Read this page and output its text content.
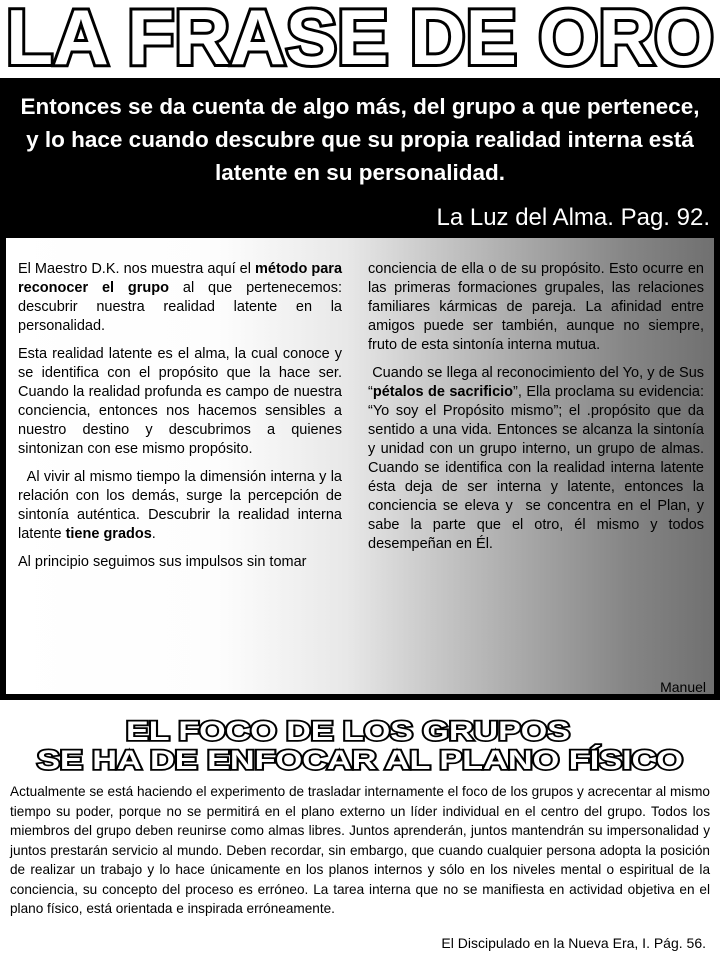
LA FRASE DE ORO
Entonces se da cuenta de algo más, del grupo a que pertenece, y lo hace cuando descubre que su propia realidad interna está latente en su personalidad.
La Luz del Alma. Pag. 92.

El Maestro D.K. nos muestra aquí el método para reconocer el grupo al que pertenecemos: descubrir nuestra realidad latente en la personalidad.

Esta realidad latente es el alma, la cual conoce y se identifica con el propósito que la hace ser. Cuando la realidad profunda es campo de nuestra conciencia, entonces nos hacemos sensibles a nuestro destino y descubrimos a quienes sintonizan con ese mismo propósito.

Al vivir al mismo tiempo la dimensión interna y la relación con los demás, surge la percepción de sintonía auténtica. Descubrir la realidad interna latente tiene grados.

Al principio seguimos sus impulsos sin tomar

conciencia de ella o de su propósito. Esto ocurre en las primeras formaciones grupales, las relaciones familiares kármicas de pareja. La afinidad entre amigos puede ser también, aunque no siempre, fruto de esta sintonía interna mutua.

Cuando se llega al reconocimiento del Yo, y de Sus “pétalos de sacrificio”, Ella proclama su evidencia: “Yo soy el Propósito mismo”; el .propósito que da sentido a una vida. Entonces se alcanza la sintonía y unidad con un grupo interno, un grupo de almas. Cuando se identifica con la realidad interna latente ésta deja de ser interna y latente, entonces la conciencia se eleva y  se concentra en el Plan, y sabe la parte que el otro, él mismo y todos desempeñan en Él.

Manuel
EL FOCO DE LOS GRUPOS
SE HA DE ENFOCAR AL PLANO FÍSICO
Actualmente se está haciendo el experimento de trasladar internamente el foco de los grupos y acrecentar al mismo tiempo su poder, porque no se permitirá en el plano externo un líder individual en el centro del grupo. Todos los miembros del grupo deben reunirse como almas libres. Juntos aprenderán, juntos mantendrán su impersonalidad y juntos prestarán servicio al mundo. Deben recordar, sin embargo, que cuando cualquier persona adopta la posición de realizar un trabajo y lo hace únicamente en los planos internos y sólo en los niveles mental o espiritual de la conciencia, su concepto del proceso es erróneo. La tarea interna que no se manifiesta en actividad objetiva en el plano físico, está orientada e inspirada erróneamente.
El Discipulado en la Nueva Era, I. Pág. 56.
